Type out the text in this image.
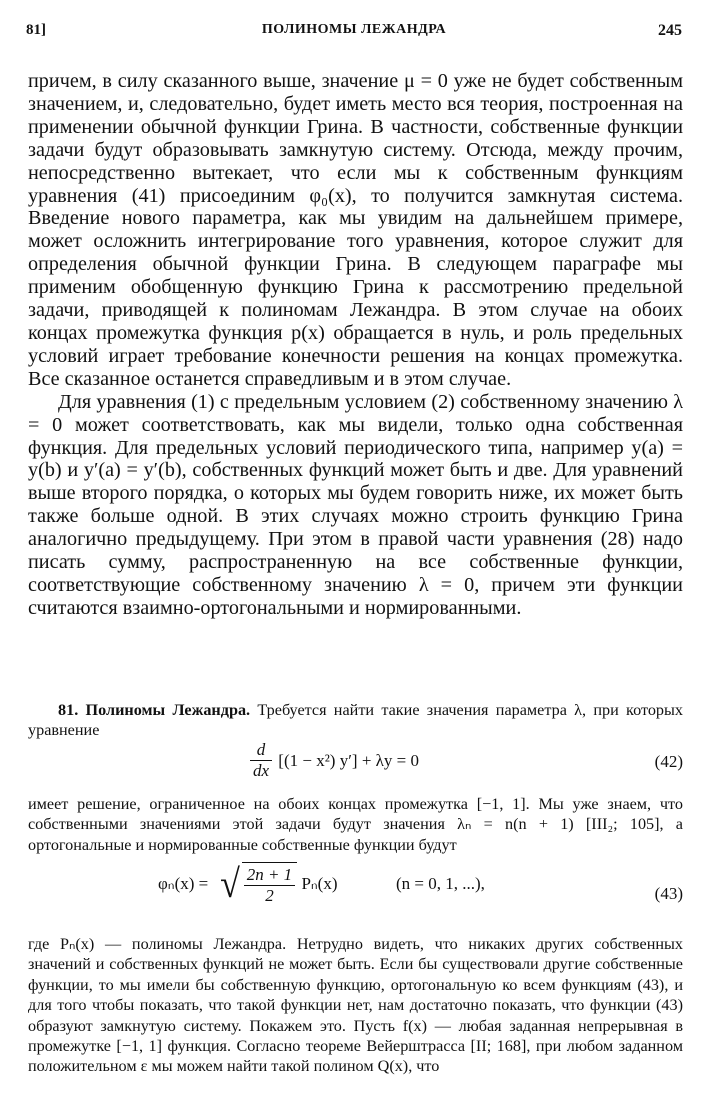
81]	ПОЛИНОМЫ ЛЕЖАНДРА	245

причем, в силу сказанного выше, значение μ = 0 уже не будет собственным значением, и, следовательно, будет иметь место вся теория, построенная на применении обычной функции Грина. В частности, собственные функции задачи будут образовывать замкнутую систему. Отсюда, между прочим, непосредственно вытекает, что если мы к собственным функциям уравнения (41) присоединим φ₀(x), то получится замкнутая система. Введение нового параметра, как мы увидим на дальнейшем примере, может осложнить интегрирование того уравнения, которое служит для определения обычной функции Грина. В следующем параграфе мы применим обобщенную функцию Грина к рассмотрению предельной задачи, приводящей к полиномам Лежандра. В этом случае на обоих концах промежутка функция p(x) обращается в нуль, и роль предельных условий играет требование конечности решения на концах промежутка. Все сказанное останется справедливым и в этом случае.

Для уравнения (1) с предельным условием (2) собственному значению λ = 0 может соответствовать, как мы видели, только одна собственная функция. Для предельных условий периодического типа, например y(a) = y(b) и y′(a) = y′(b), собственных функций может быть и две. Для уравнений выше второго порядка, о которых мы будем говорить ниже, их может быть также больше одной. В этих случаях можно строить функцию Грина аналогично предыдущему. При этом в правой части уравнения (28) надо писать сумму, распространенную на все собственные функции, соответствующие собственному значению λ = 0, причем эти функции считаются взаимно-ортогональными и нормированными.

81. Полиномы Лежандра. Требуется найти такие значения параметра λ, при которых уравнение

$\frac{d}{dx} [(1 - x^2) y'] + \lambda y = 0$	(42)

имеет решение, ограниченное на обоих концах промежутка [−1, 1]. Мы уже знаем, что собственными значениями этой задачи будут значения λₙ = n(n + 1) [III₂; 105], а ортогональные и нормированные собственные функции будут

φₙ(x) = √ $\frac{2n + 1}{2} P_n(x)$	(n = 0, 1, ...),
(43)

где Pₙ(x) — полиномы Лежандра. Нетрудно видеть, что никаких других собственных значений и собственных функций не может быть. Если бы существовали другие собственные функции, то мы имели бы собственную функцию, ортогональную ко всем функциям (43), и для того чтобы показать, что такой функции нет, нам достаточно показать, что функции (43) образуют замкнутую систему. Покажем это. Пусть f(x) — любая заданная непрерывная в промежутке [−1, 1] функция. Согласно теореме Вейерштрасса [II; 168], при любом заданном положительном ε мы можем найти такой полином Q(x), что
